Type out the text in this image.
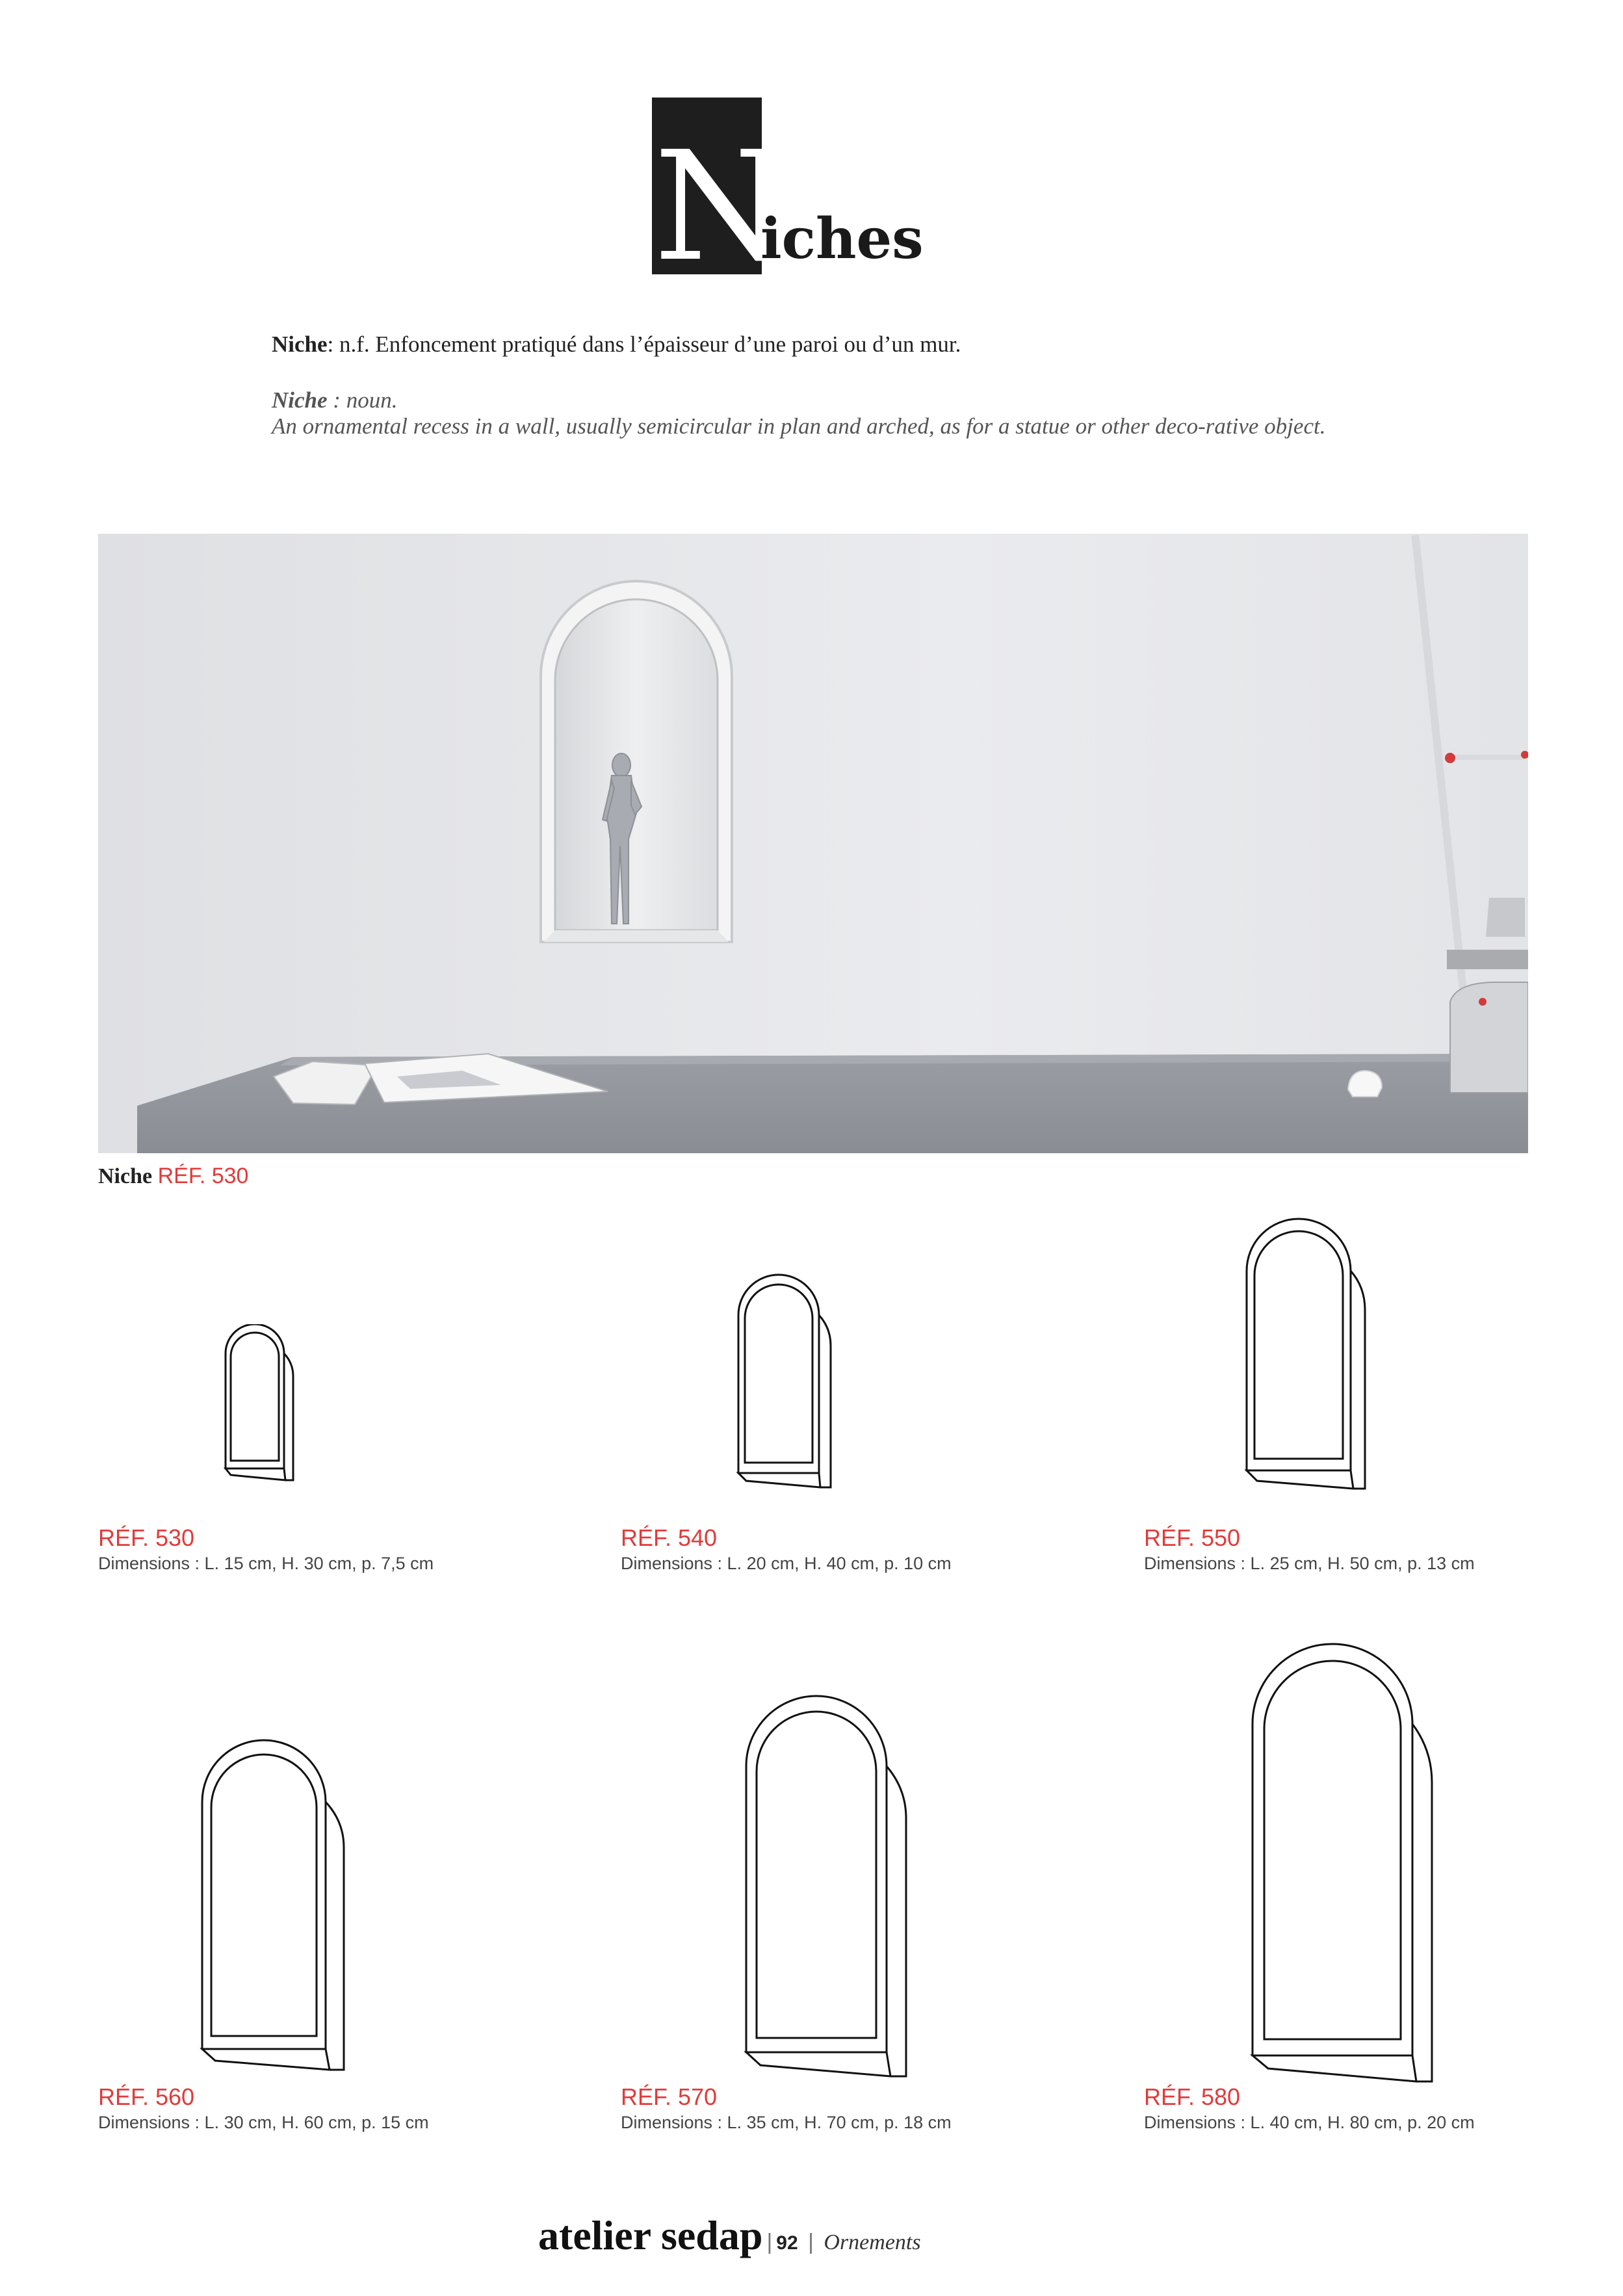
N
iches
Niche: n.f. Enfoncement pratiqué dans l’épaisseur d’une paroi ou d’un mur.
Niche : noun.
An ornamental recess in a wall, usually semicircular in plan and arched, as for a statue or other deco-rative object.
Niche RÉF. 530
RÉF. 530
Dimensions : L. 15 cm, H. 30 cm, p. 7,5 cm
RÉF. 540
Dimensions : L. 20 cm, H. 40 cm, p. 10 cm
RÉF. 550
Dimensions : L. 25 cm, H. 50 cm, p. 13 cm
RÉF. 560
Dimensions : L. 30 cm, H. 60 cm, p. 15 cm
RÉF. 570
Dimensions : L. 35 cm, H. 70 cm, p. 18 cm
RÉF. 580
Dimensions : L. 40 cm, H. 80 cm, p. 20 cm
atelier sedap | 92 | Ornements
